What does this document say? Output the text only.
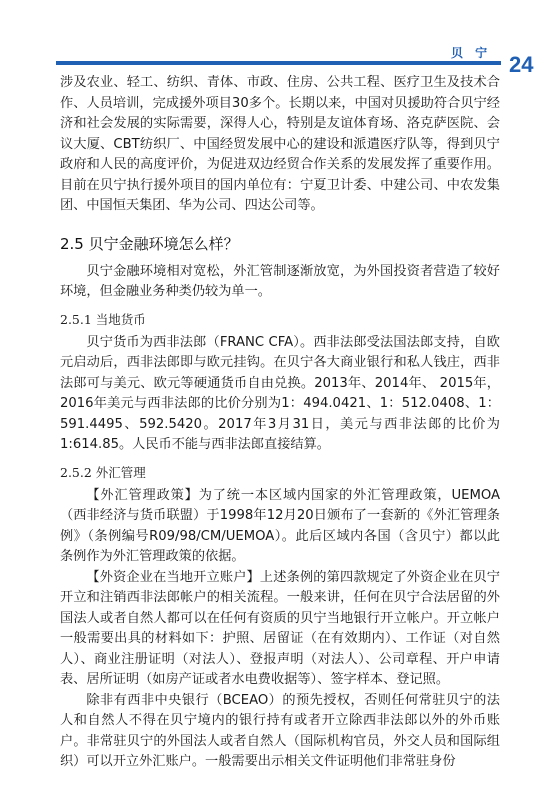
贝 宁 24

涉及农业、轻工、纺织、青体、市政、住房、公共工程、医疗卫生及技术合作、人员培训，完成援外项目30多个。长期以来，中国对贝援助符合贝宁经济和社会发展的实际需要，深得人心，特别是友谊体育场、洛克萨医院、会议大厦、CBT纺织厂、中国经贸发展中心的建设和派遣医疗队等，得到贝宁政府和人民的高度评价，为促进双边经贸合作关系的发展发挥了重要作用。目前在贝宁执行援外项目的国内单位有：宁夏卫计委、中建公司、中农发集团、中国恒天集团、华为公司、四达公司等。

2.5 贝宁金融环境怎么样？

贝宁金融环境相对宽松，外汇管制逐渐放宽，为外国投资者营造了较好环境，但金融业务种类仍较为单一。

2.5.1 当地货币

贝宁货币为西非法郎（FRANC CFA）。西非法郎受法国法郎支持，自欧元启动后，西非法郎即与欧元挂钩。在贝宁各大商业银行和私人钱庄，西非法郎可与美元、欧元等硬通货币自由兑换。2013年、2014年、 2015年，2016年美元与西非法郎的比价分别为1：494.0421、1：512.0408、1：591.4495、592.5420。2017年3月31日，美元与西非法郎的比价为1:614.85。人民币不能与西非法郎直接结算。

2.5.2 外汇管理

【外汇管理政策】为了统一本区域内国家的外汇管理政策，UEMOA（西非经济与货币联盟）于1998年12月20日颁布了一套新的《外汇管理条例》（条例编号R09/98/CM/UEMOA）。此后区域内各国（含贝宁）都以此条例作为外汇管理政策的依据。

【外资企业在当地开立账户】上述条例的第四款规定了外资企业在贝宁开立和注销西非法郎帐户的相关流程。一般来讲，任何在贝宁合法居留的外国法人或者自然人都可以在任何有资质的贝宁当地银行开立帐户。开立帐户一般需要出具的材料如下：护照、居留证（在有效期内）、工作证（对自然人）、商业注册证明（对法人）、登报声明（对法人）、公司章程、开户申请表、居所证明（如房产证或者水电费收据等）、签字样本、登记照。

除非有西非中央银行（BCEAO）的预先授权，否则任何常驻贝宁的法人和自然人不得在贝宁境内的银行持有或者开立除西非法郎以外的外币账户。非常驻贝宁的外国法人或者自然人（国际机构官员，外交人员和国际组织）可以开立外汇账户。一般需要出示相关文件证明他们非常驻身份
